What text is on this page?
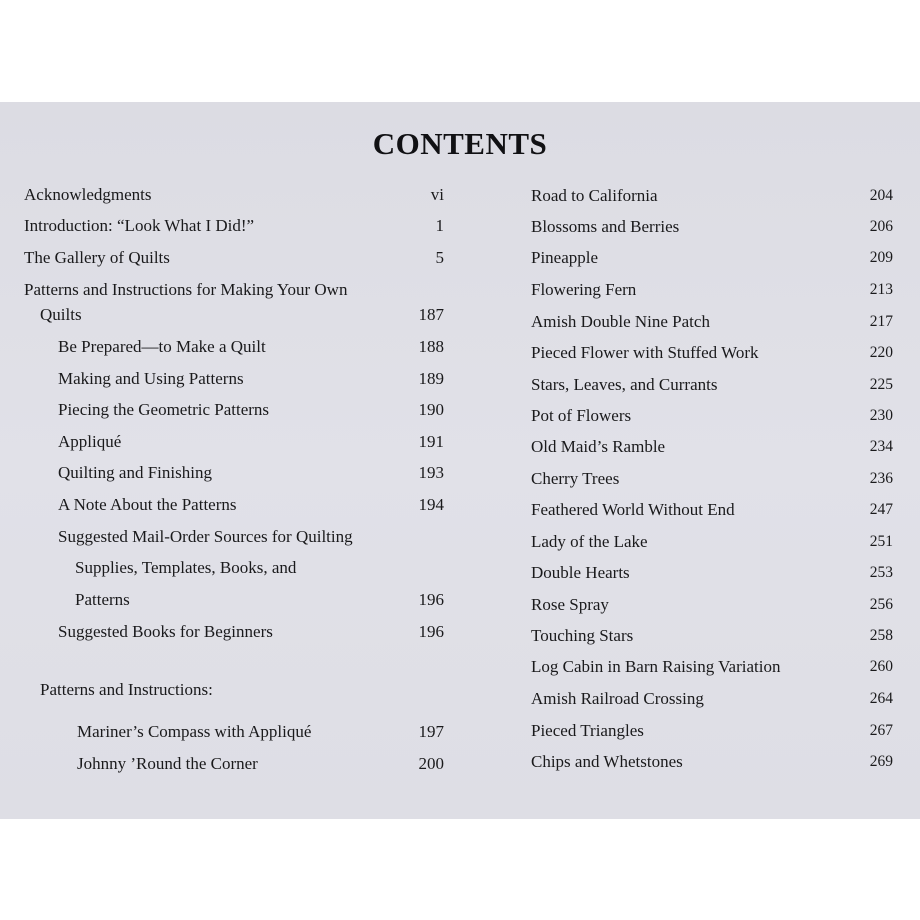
CONTENTS
Acknowledgments	vi
Introduction: “Look What I Did!”	1
The Gallery of Quilts	5
Patterns and Instructions for Making Your Own
Quilts	187
Be Prepared—to Make a Quilt	188
Making and Using Patterns	189
Piecing the Geometric Patterns	190
Appliqué	191
Quilting and Finishing	193
A Note About the Patterns	194
Suggested Mail-Order Sources for Quilting
Supplies, Templates, Books, and
Patterns	196
Suggested Books for Beginners	196
Patterns and Instructions:
Mariner’s Compass with Appliqué	197
Johnny ’Round the Corner	200
Road to California	204
Blossoms and Berries	206
Pineapple	209
Flowering Fern	213
Amish Double Nine Patch	217
Pieced Flower with Stuffed Work	220
Stars, Leaves, and Currants	225
Pot of Flowers	230
Old Maid’s Ramble	234
Cherry Trees	236
Feathered World Without End	247
Lady of the Lake	251
Double Hearts	253
Rose Spray	256
Touching Stars	258
Log Cabin in Barn Raising Variation	260
Amish Railroad Crossing	264
Pieced Triangles	267
Chips and Whetstones	269
